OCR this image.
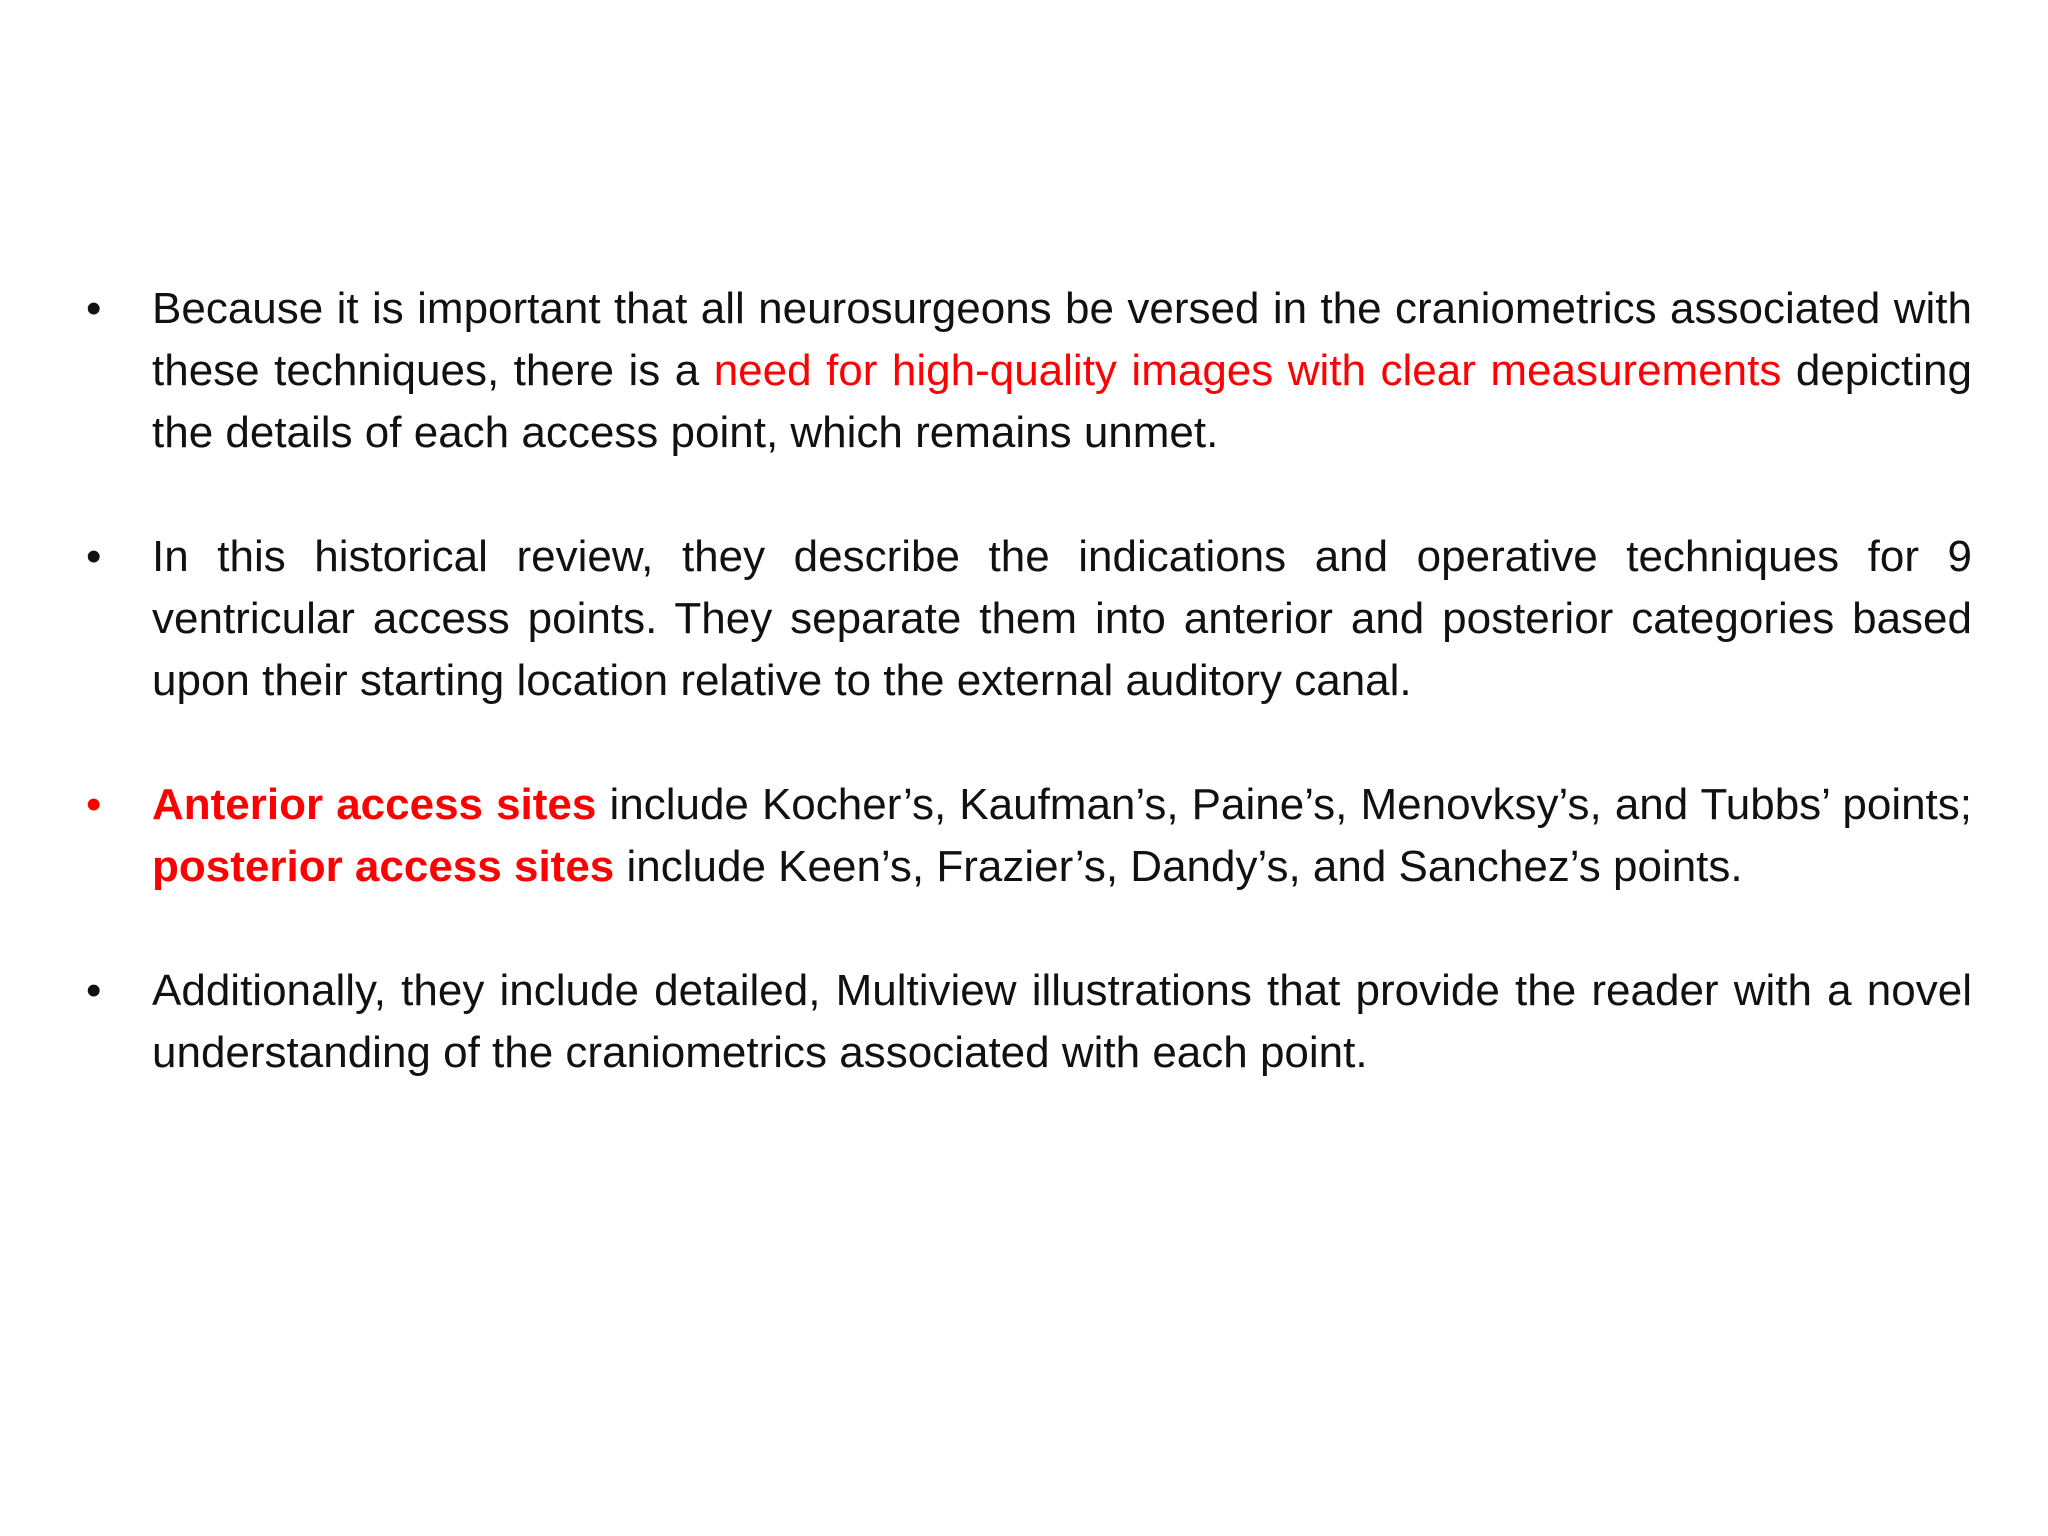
• Because it is important that all neurosurgeons be versed in the craniometrics associated with these techniques, there is a need for high-quality images with clear measurements depicting the details of each access point, which remains unmet.
• In this historical review, they describe the indications and operative techniques for 9 ventricular access points. They separate them into anterior and posterior categories based upon their starting location relative to the external auditory canal.
• Anterior access sites include Kocher’s, Kaufman’s, Paine’s, Menovksy’s, and Tubbs’ points; posterior access sites include Keen’s, Frazier’s, Dandy’s, and Sanchez’s points.
• Additionally, they include detailed, Multiview illustrations that provide the reader with a novel understanding of the craniometrics associated with each point.
